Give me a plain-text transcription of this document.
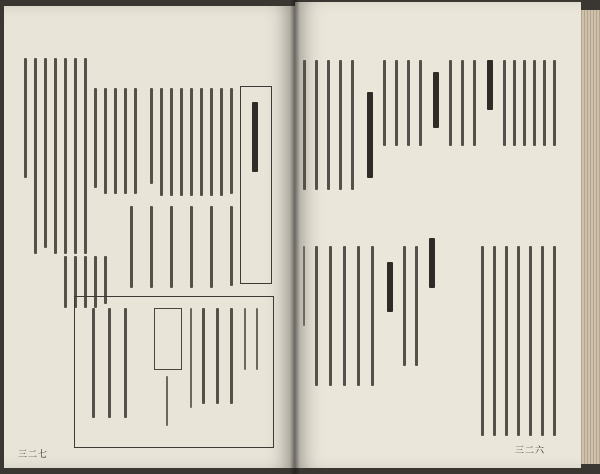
三二七	三二六
